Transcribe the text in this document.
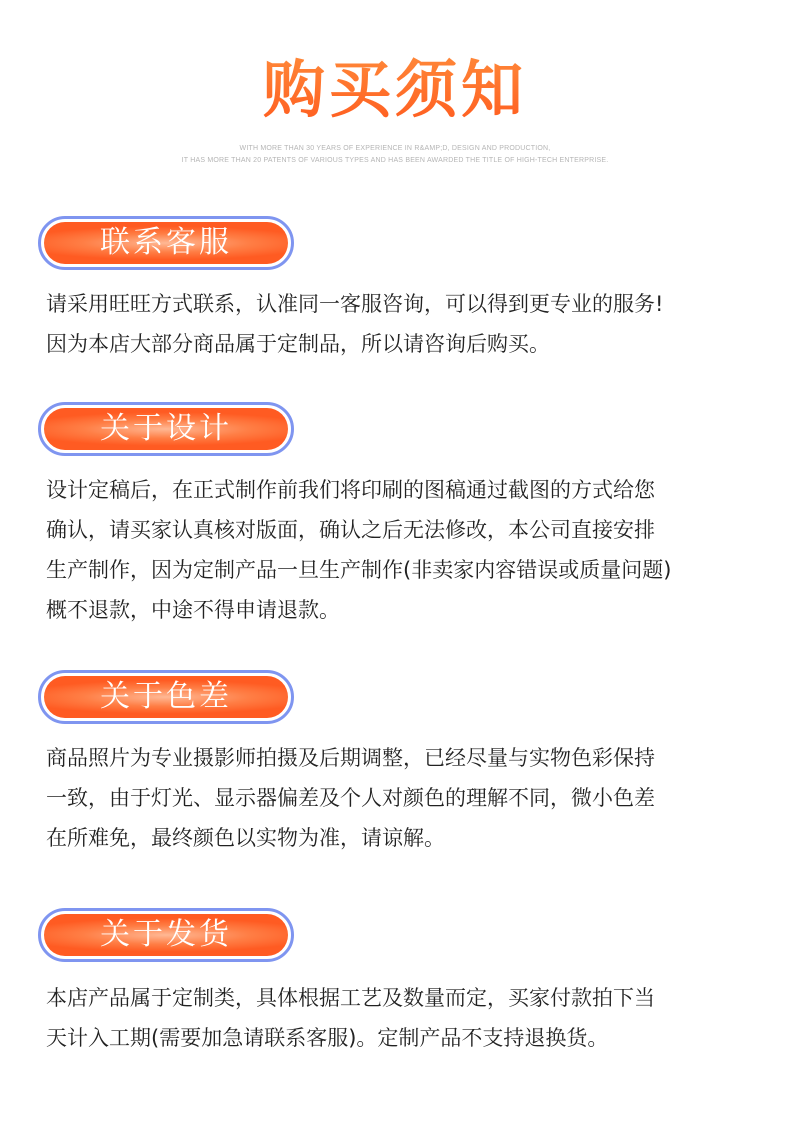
购买须知
WITH MORE THAN 30 YEARS OF EXPERIENCE IN R&AMP;D, DESIGN AND PRODUCTION,
IT HAS MORE THAN 20 PATENTS OF VARIOUS TYPES AND HAS BEEN AWARDED THE TITLE OF HIGH-TECH ENTERPRISE.
联系客服
请采用旺旺方式联系，认准同一客服咨询，可以得到更专业的服务!
因为本店大部分商品属于定制品，所以请咨询后购买。
关于设计
设计定稿后，在正式制作前我们将印刷的图稿通过截图的方式给您
确认，请买家认真核对版面，确认之后无法修改，本公司直接安排
生产制作，因为定制产品一旦生产制作(非卖家内容错误或质量问题)
概不退款，中途不得申请退款。
关于色差
商品照片为专业摄影师拍摄及后期调整，已经尽量与实物色彩保持
一致，由于灯光、显示器偏差及个人对颜色的理解不同，微小色差
在所难免，最终颜色以实物为准，请谅解。
关于发货
本店产品属于定制类，具体根据工艺及数量而定，买家付款拍下当
天计入工期(需要加急请联系客服)。定制产品不支持退换货。
